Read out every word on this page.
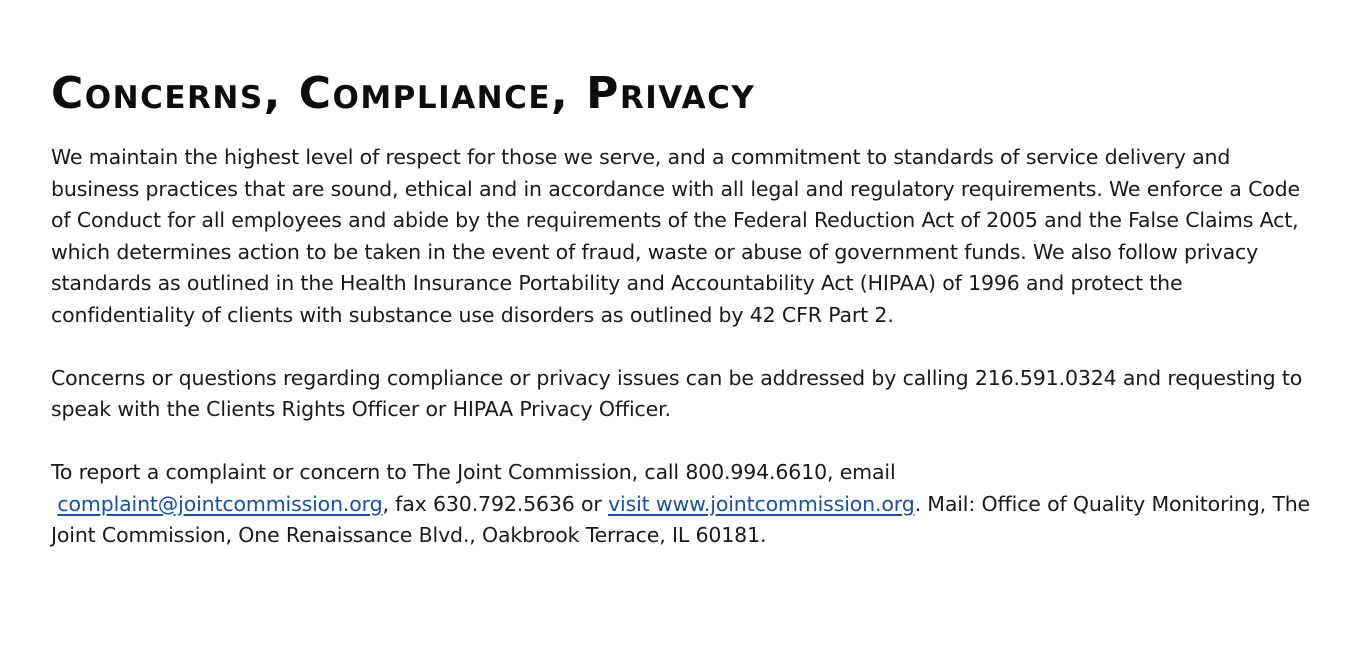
Concerns, Compliance, Privacy

We maintain the highest level of respect for those we serve, and a commitment to standards of service delivery and business practices that are sound, ethical and in accordance with all legal and regulatory requirements. We enforce a Code of Conduct for all employees and abide by the requirements of the Federal Reduction Act of 2005 and the False Claims Act, which determines action to be taken in the event of fraud, waste or abuse of government funds. We also follow privacy standards as outlined in the Health Insurance Portability and Accountability Act (HIPAA) of 1996 and protect the confidentiality of clients with substance use disorders as outlined by 42 CFR Part 2.

Concerns or questions regarding compliance or privacy issues can be addressed by calling 216.591.0324 and requesting to speak with the Clients Rights Officer or HIPAA Privacy Officer.

To report a complaint or concern to The Joint Commission, call 800.994.6610, email
complaint@jointcommission.org, fax 630.792.5636 or visit www.jointcommission.org. Mail: Office of Quality Monitoring, The Joint Commission, One Renaissance Blvd., Oakbrook Terrace, IL 60181.
